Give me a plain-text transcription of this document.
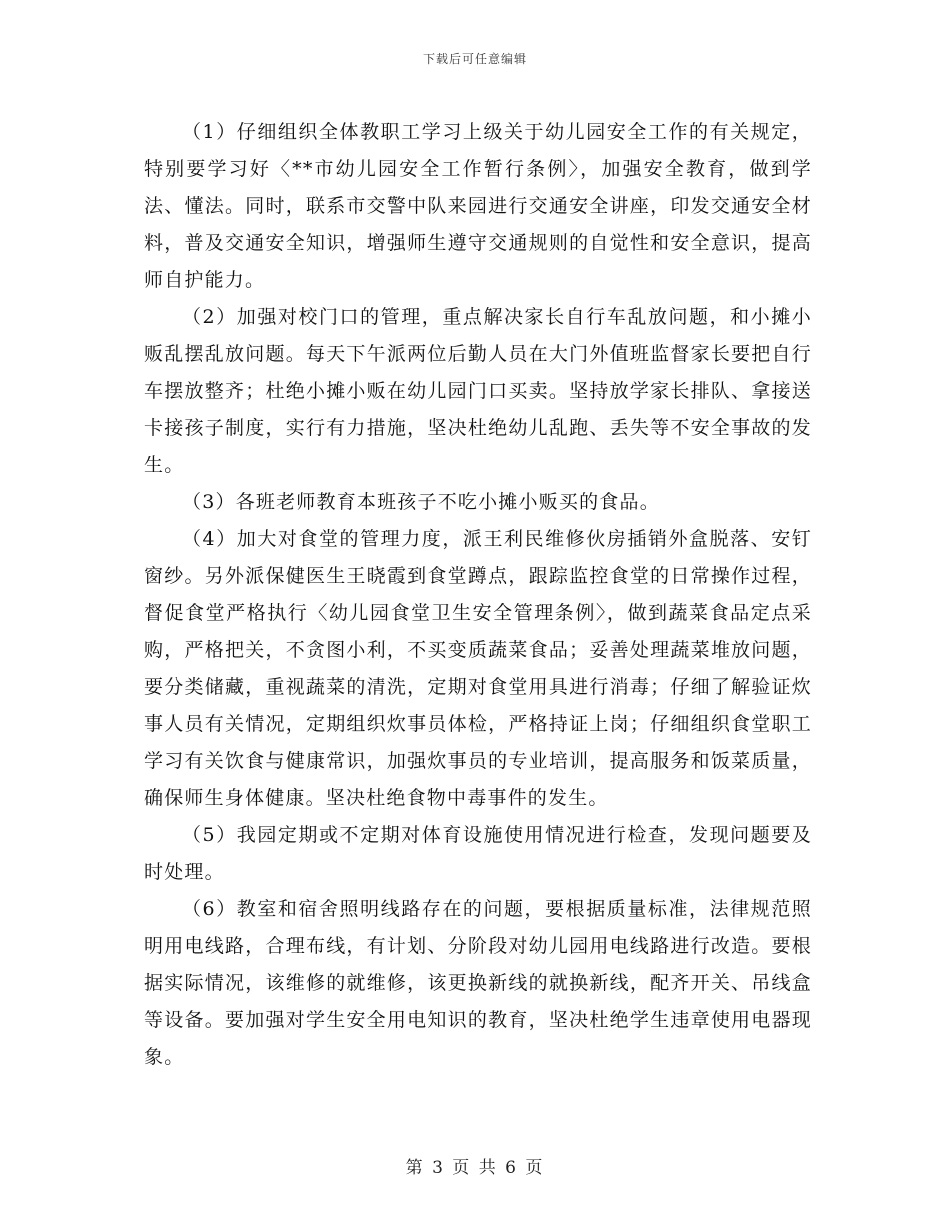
下载后可任意编辑

（1）仔细组织全体教职工学习上级关于幼儿园安全工作的有关规定，特别要学习好〈**市幼儿园安全工作暂行条例〉，加强安全教育，做到学法、懂法。同时，联系市交警中队来园进行交通安全讲座，印发交通安全材料，普及交通安全知识，增强师生遵守交通规则的自觉性和安全意识，提高师自护能力。

（2）加强对校门口的管理，重点解决家长自行车乱放问题，和小摊小贩乱摆乱放问题。每天下午派两位后勤人员在大门外值班监督家长要把自行车摆放整齐；杜绝小摊小贩在幼儿园门口买卖。坚持放学家长排队、拿接送卡接孩子制度，实行有力措施，坚决杜绝幼儿乱跑、丢失等不安全事故的发生。

（3）各班老师教育本班孩子不吃小摊小贩买的食品。

（4）加大对食堂的管理力度，派王利民维修伙房插销外盒脱落、安钉窗纱。另外派保健医生王晓霞到食堂蹲点，跟踪监控食堂的日常操作过程，督促食堂严格执行〈幼儿园食堂卫生安全管理条例〉，做到蔬菜食品定点采购，严格把关，不贪图小利，不买变质蔬菜食品；妥善处理蔬菜堆放问题，要分类储藏，重视蔬菜的清洗，定期对食堂用具进行消毒；仔细了解验证炊事人员有关情况，定期组织炊事员体检，严格持证上岗；仔细组织食堂职工学习有关饮食与健康常识，加强炊事员的专业培训，提高服务和饭菜质量，确保师生身体健康。坚决杜绝食物中毒事件的发生。

（5）我园定期或不定期对体育设施使用情况进行检查，发现问题要及时处理。

（6）教室和宿舍照明线路存在的问题，要根据质量标准，法律规范照明用电线路，合理布线，有计划、分阶段对幼儿园用电线路进行改造。要根据实际情况，该维修的就维修，该更换新线的就换新线，配齐开关、吊线盒等设备。要加强对学生安全用电知识的教育，坚决杜绝学生违章使用电器现象。

第 3 页 共 6 页
